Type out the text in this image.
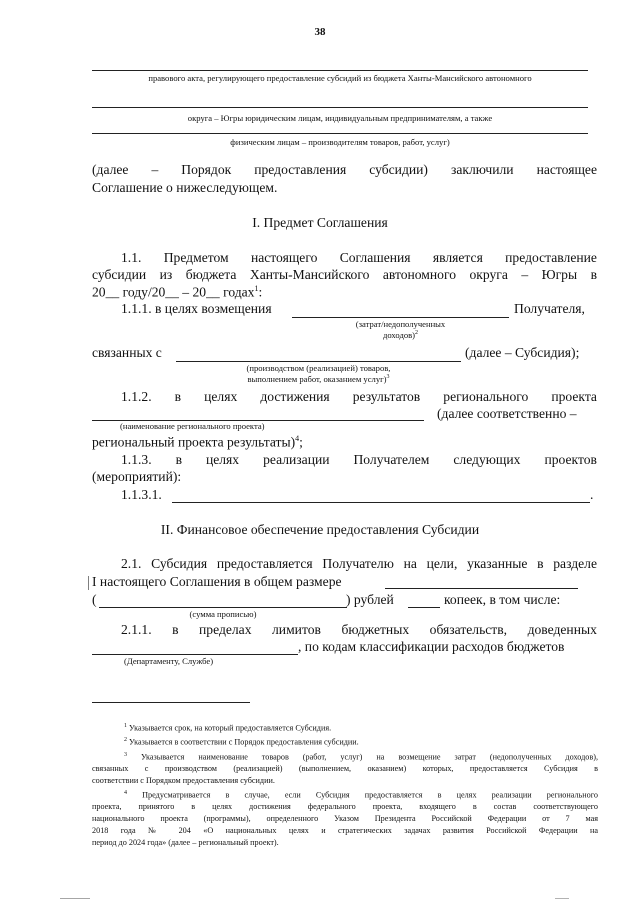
38
правового акта, регулирующего предоставление субсидий из бюджета Ханты-Мансийского автономного
округа – Югры юридическим лицам, индивидуальным предпринимателям, а также
физическим лицам – производителям товаров, работ, услуг)
(далее – Порядок предоставления субсидии) заключили настоящее
Соглашение о нижеследующем.
I. Предмет Соглашения
1.1. Предметом настоящего Соглашения является предоставление
субсидии из бюджета Ханты-Мансийского автономного округа – Югры в
20__ году/20__ – 20__ годах$^1$:
1.1.1. в целях возмещения	Получателя,
(затрат/недополученных
доходов)$^2$
связанных с	(далее – Субсидия);
(производством (реализацией) товаров,
выполнением работ, оказанием услуг)$^3$
1.1.2. в целях достижения результатов регионального проекта
(далее соответственно –
(наименование регионального проекта)
региональный проекта результаты)$^4$;
1.1.3. в целях реализации Получателем следующих проектов
(мероприятий):
1.1.3.1.	.
II. Финансовое обеспечение предоставления Субсидии
2.1. Субсидия предоставляется Получателю на цели, указанные в разделе
I настоящего Соглашения в общем размере
(	) рублей	копеек, в том числе:
(сумма прописью)
2.1.1. в пределах лимитов бюджетных обязательств, доведенных
, по кодам классификации расходов бюджетов
(Департаменту, Службе)
$^1$ Указывается срок, на который предоставляется Субсидия.
$^2$ Указывается в соответствии с Порядок предоставления субсидии.
$^3$ Указывается наименование товаров (работ, услуг) на возмещение затрат (недополученных доходов),
связанных с производством (реализацией) (выполнением, оказанием) которых, предоставляется Субсидия в
соответствии с Порядком предоставления субсидии.
$^4$ Предусматривается в случае, если Субсидия предоставляется в целях реализации регионального
проекта, принятого в целях достижения федерального проекта, входящего в состав соответствующего
национального проекта (программы), определенного Указом Президента Российской Федерации от 7 мая
2018 года № 204 «О национальных целях и стратегических задачах развития Российской Федерации на
период до 2024 года» (далее – региональный проект).
